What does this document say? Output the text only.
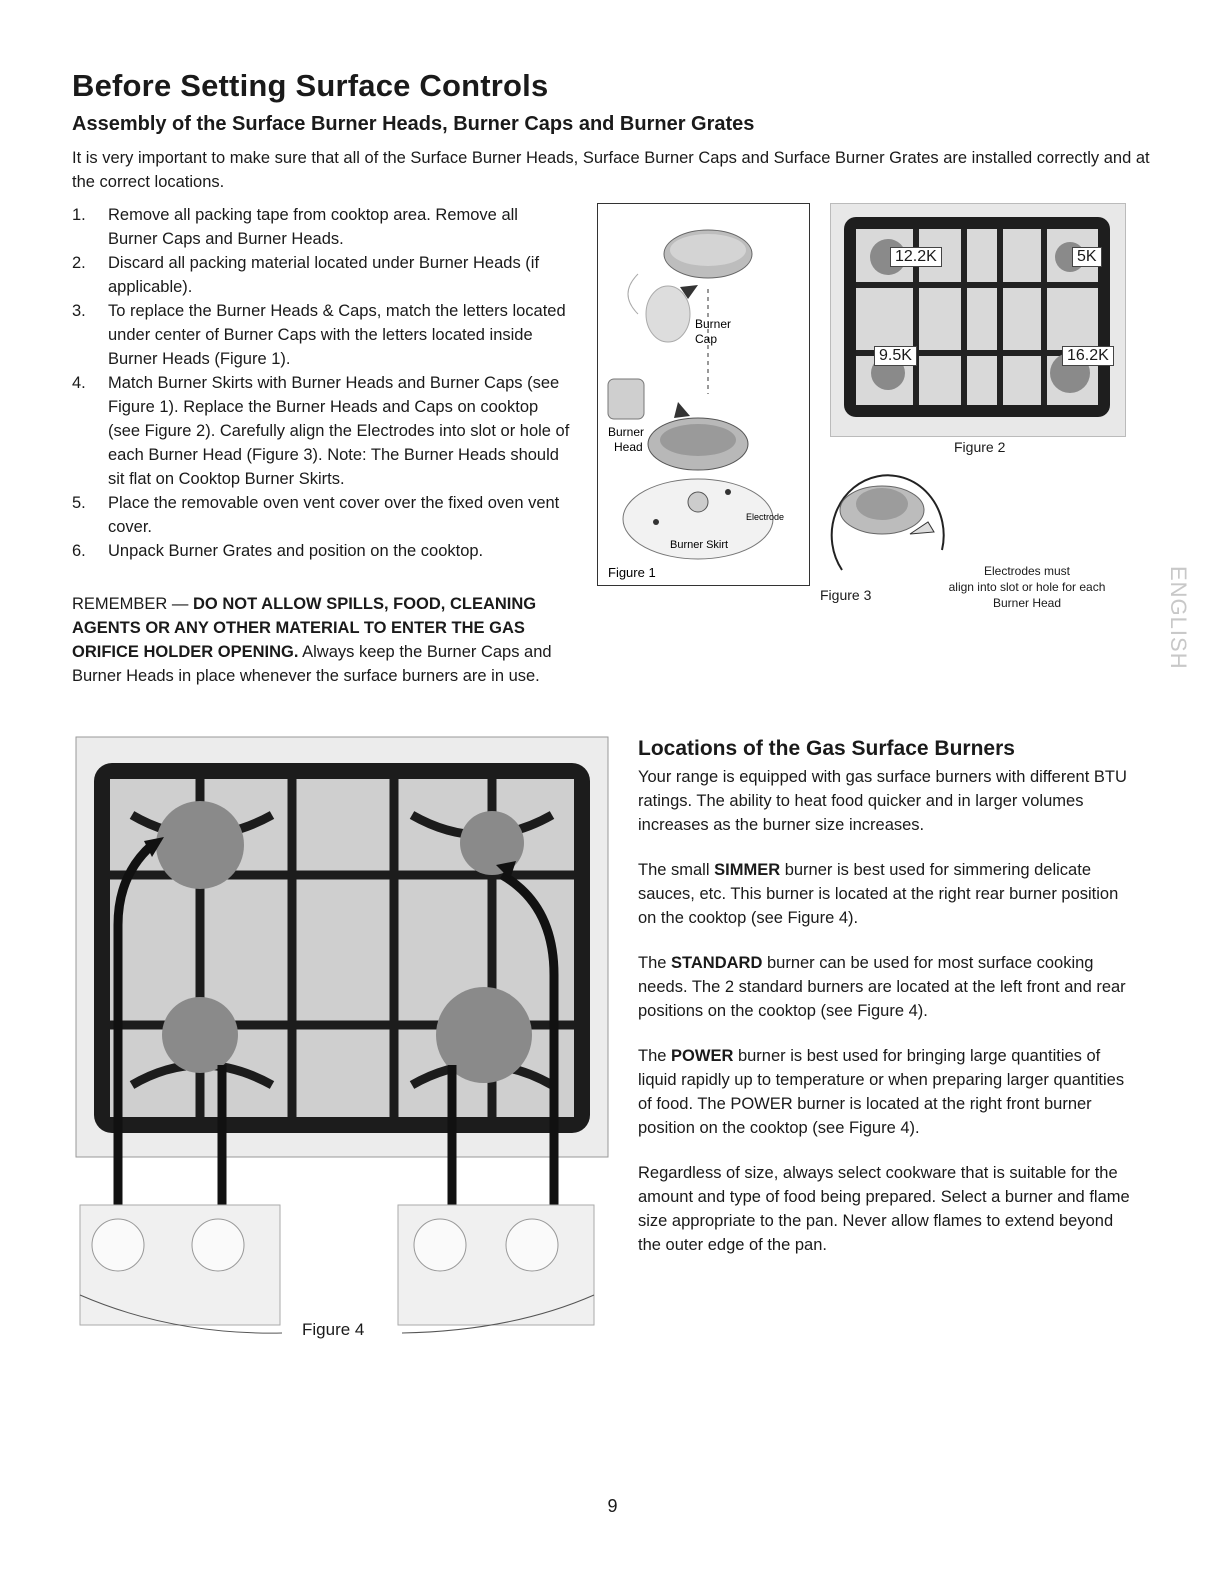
Before Setting Surface Controls
Assembly of the Surface Burner Heads, Burner Caps and Burner Grates
It is very important to make sure that all of the Surface Burner Heads, Surface Burner Caps and Surface Burner Grates are installed correctly and at the correct locations.
1. Remove all packing tape from cooktop area. Remove all Burner Caps and Burner Heads.
2. Discard all packing material located under Burner Heads (if applicable).
3. To replace the Burner Heads & Caps, match the letters located under center of Burner Caps with the letters located inside Burner Heads (Figure 1).
4. Match Burner Skirts with Burner Heads and Burner Caps (see Figure 1). Replace the Burner Heads and Caps on cooktop (see Figure 2). Carefully align the Electrodes into slot or hole of each Burner Head (Figure 3). Note: The Burner Heads should sit flat on Cooktop Burner Skirts.
5. Place the removable oven vent cover over the fixed oven vent cover.
6. Unpack Burner Grates and position on the cooktop.
REMEMBER — DO NOT ALLOW SPILLS, FOOD, CLEANING AGENTS OR ANY OTHER MATERIAL TO ENTER THE GAS ORIFICE HOLDER OPENING. Always keep the Burner Caps and Burner Heads in place whenever the surface burners are in use.
Burner
Cap
Burner
Head
Electrode
Burner Skirt
Figure 1
12.2K	5K
9.5K	16.2K
Figure 2
Figure 3
Electrodes must
align into slot or hole for each
Burner Head	ENGLISH
Figure 4
Locations of the Gas Surface Burners

Your range is equipped with gas surface burners with different BTU ratings. The ability to heat food quicker and in larger volumes increases as the burner size increases.

The small SIMMER burner is best used for simmering delicate sauces, etc. This burner is located at the right rear burner position on the cooktop (see Figure 4).

The STANDARD burner can be used for most surface cooking needs. The 2 standard burners are located at the left front and rear positions on the cooktop (see Figure 4).

The POWER burner is best used for bringing large quantities of liquid rapidly up to temperature or when preparing larger quantities of food. The POWER burner is located at the right front burner position on the cooktop (see Figure 4).

Regardless of size, always select cookware that is suitable for the amount and type of food being prepared. Select a burner and flame size appropriate to the pan. Never allow flames to extend beyond the outer edge of the pan.

9
